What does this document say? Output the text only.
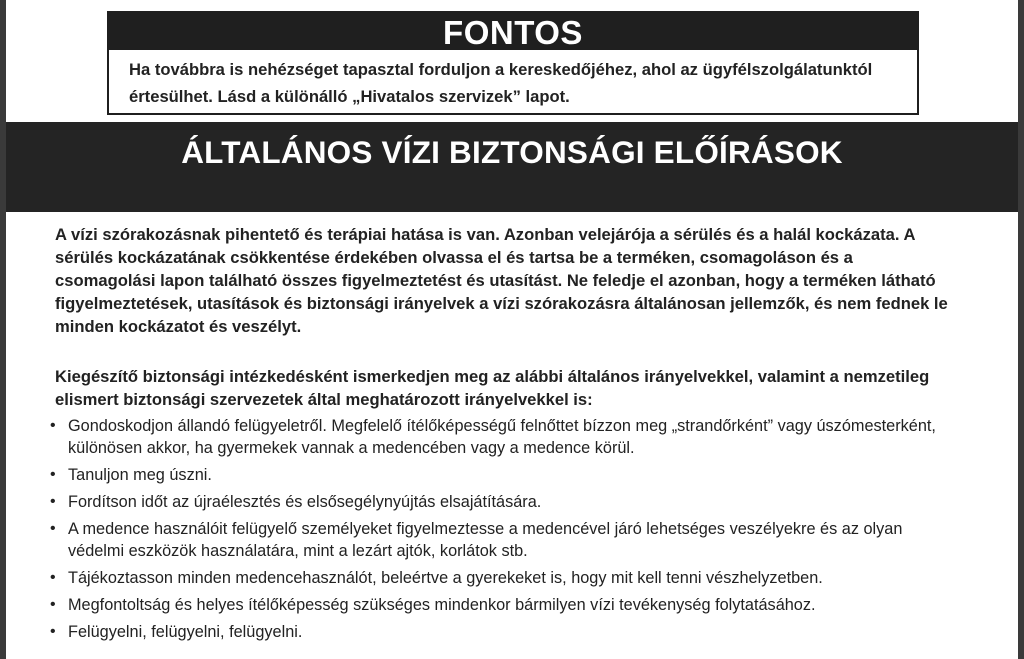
FONTOS
Ha továbbra is nehézséget tapasztal forduljon a kereskedőjéhez, ahol az ügyfélszolgálatunktól értesülhet. Lásd a különálló „Hivatalos szervizek” lapot.
ÁLTALÁNOS VÍZI BIZTONSÁGI ELŐÍRÁSOK

A vízi szórakozásnak pihentető és terápiai hatása is van. Azonban velejárója a sérülés és a halál kockázata. A sérülés kockázatának csökkentése érdekében olvassa el és tartsa be a terméken, csomagoláson és a csomagolási lapon található összes figyelmeztetést és utasítást. Ne feledje el azonban, hogy a terméken látható figyelmeztetések, utasítások és biztonsági irányelvek a vízi szórakozásra általánosan jellemzők, és nem fednek le minden kockázatot és veszélyt.

Kiegészítő biztonsági intézkedésként ismerkedjen meg az alábbi általános irányelvekkel, valamint a nemzetileg elismert biztonsági szervezetek által meghatározott irányelvekkel is:

• Gondoskodjon állandó felügyeletről. Megfelelő ítélőképességű felnőttet bízzon meg „strandőrként” vagy úszómesterként, különösen akkor, ha gyermekek vannak a medencében vagy a medence körül.
• Tanuljon meg úszni.
• Fordítson időt az újraélesztés és elsősegélynyújtás elsajátítására.
• A medence használóit felügyelő személyeket figyelmeztesse a medencével járó lehetséges veszélyekre és az olyan védelmi eszközök használatára, mint a lezárt ajtók, korlátok stb.
• Tájékoztasson minden medencehasználót, beleértve a gyerekeket is, hogy mit kell tenni vészhelyzetben.
• Megfontoltság és helyes ítélőképesség szükséges mindenkor bármilyen vízi tevékenység folytatásához.
• Felügyelni, felügyelni, felügyelni.
